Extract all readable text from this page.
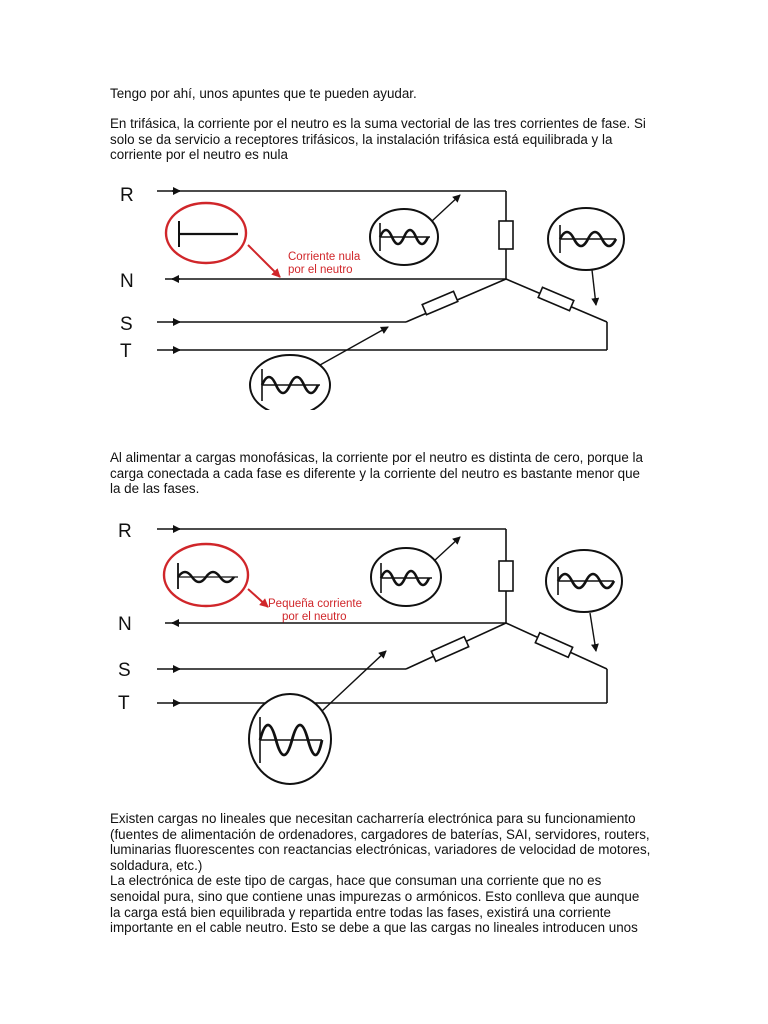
Tengo por ahí, unos apuntes que te pueden ayudar.

En trifásica, la corriente por el neutro es la suma vectorial de las tres corrientes de fase. Si
solo se da servicio a receptores trifásicos, la instalación trifásica está equilibrada y la
corriente por el neutro es nula

R
N
S
T
Corriente nula
por el neutro

Al alimentar a cargas monofásicas, la corriente por el neutro es distinta de cero, porque la
carga conectada a cada fase es diferente y la corriente del neutro es bastante menor que
la de las fases.

R
N
S
T
Pequeña corriente
por el neutro

Existen cargas no lineales que necesitan cacharrería electrónica para su funcionamiento
(fuentes de alimentación de ordenadores, cargadores de baterías, SAI, servidores, routers,
luminarias fluorescentes con reactancias electrónicas, variadores de velocidad de motores,
soldadura, etc.)
La electrónica de este tipo de cargas, hace que consuman una corriente que no es
senoidal pura, sino que contiene unas impurezas o armónicos. Esto conlleva que aunque
la carga está bien equilibrada y repartida entre todas las fases, existirá una corriente
importante en el cable neutro. Esto se debe a que las cargas no lineales introducen unos
